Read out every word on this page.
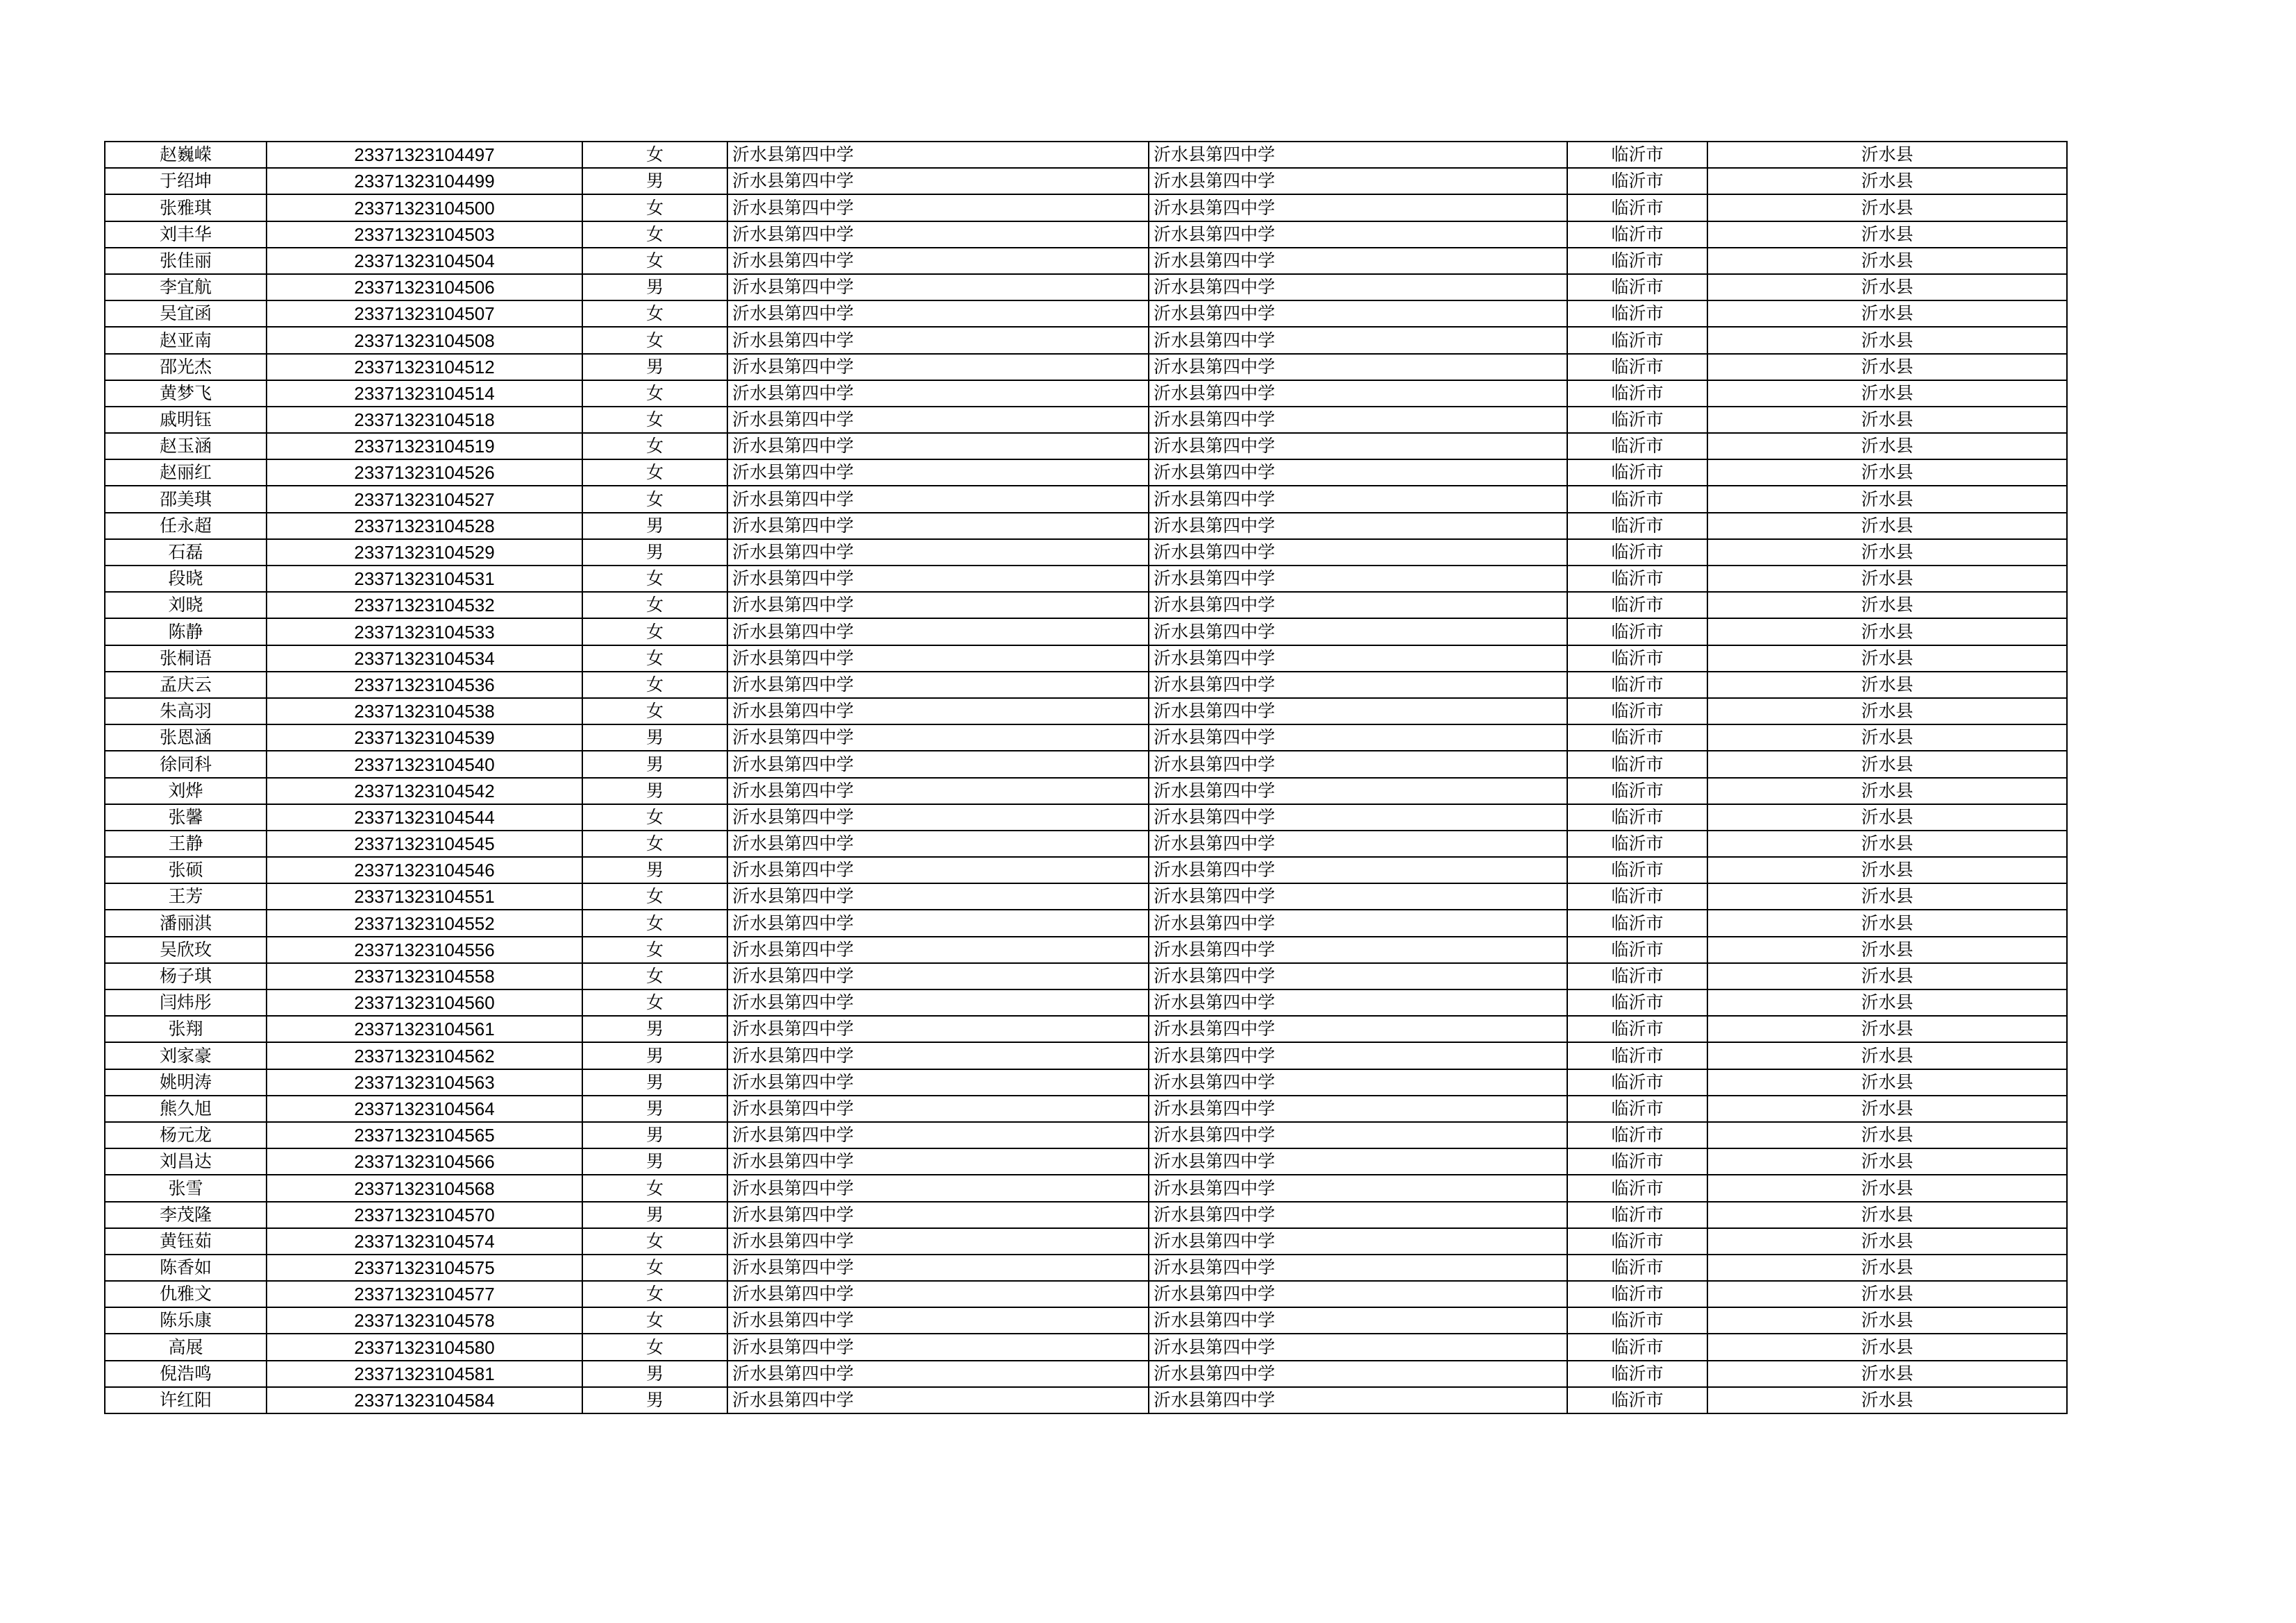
赵巍嵘	23371323104497	女	沂水县第四中学	沂水县第四中学	临沂市	沂水县
于绍坤	23371323104499	男	沂水县第四中学	沂水县第四中学	临沂市	沂水县
张雅琪	23371323104500	女	沂水县第四中学	沂水县第四中学	临沂市	沂水县
刘丰华	23371323104503	女	沂水县第四中学	沂水县第四中学	临沂市	沂水县
张佳丽	23371323104504	女	沂水县第四中学	沂水县第四中学	临沂市	沂水县
李宜航	23371323104506	男	沂水县第四中学	沂水县第四中学	临沂市	沂水县
吴宜函	23371323104507	女	沂水县第四中学	沂水县第四中学	临沂市	沂水县
赵亚南	23371323104508	女	沂水县第四中学	沂水县第四中学	临沂市	沂水县
邵光杰	23371323104512	男	沂水县第四中学	沂水县第四中学	临沂市	沂水县
黄梦飞	23371323104514	女	沂水县第四中学	沂水县第四中学	临沂市	沂水县
戚明钰	23371323104518	女	沂水县第四中学	沂水县第四中学	临沂市	沂水县
赵玉涵	23371323104519	女	沂水县第四中学	沂水县第四中学	临沂市	沂水县
赵丽红	23371323104526	女	沂水县第四中学	沂水县第四中学	临沂市	沂水县
邵美琪	23371323104527	女	沂水县第四中学	沂水县第四中学	临沂市	沂水县
任永超	23371323104528	男	沂水县第四中学	沂水县第四中学	临沂市	沂水县
石磊	23371323104529	男	沂水县第四中学	沂水县第四中学	临沂市	沂水县
段晓	23371323104531	女	沂水县第四中学	沂水县第四中学	临沂市	沂水县
刘晓	23371323104532	女	沂水县第四中学	沂水县第四中学	临沂市	沂水县
陈静	23371323104533	女	沂水县第四中学	沂水县第四中学	临沂市	沂水县
张桐语	23371323104534	女	沂水县第四中学	沂水县第四中学	临沂市	沂水县
孟庆云	23371323104536	女	沂水县第四中学	沂水县第四中学	临沂市	沂水县
朱高羽	23371323104538	女	沂水县第四中学	沂水县第四中学	临沂市	沂水县
张恩涵	23371323104539	男	沂水县第四中学	沂水县第四中学	临沂市	沂水县
徐同科	23371323104540	男	沂水县第四中学	沂水县第四中学	临沂市	沂水县
刘烨	23371323104542	男	沂水县第四中学	沂水县第四中学	临沂市	沂水县
张馨	23371323104544	女	沂水县第四中学	沂水县第四中学	临沂市	沂水县
王静	23371323104545	女	沂水县第四中学	沂水县第四中学	临沂市	沂水县
张硕	23371323104546	男	沂水县第四中学	沂水县第四中学	临沂市	沂水县
王芳	23371323104551	女	沂水县第四中学	沂水县第四中学	临沂市	沂水县
潘丽淇	23371323104552	女	沂水县第四中学	沂水县第四中学	临沂市	沂水县
吴欣玫	23371323104556	女	沂水县第四中学	沂水县第四中学	临沂市	沂水县
杨子琪	23371323104558	女	沂水县第四中学	沂水县第四中学	临沂市	沂水县
闫炜彤	23371323104560	女	沂水县第四中学	沂水县第四中学	临沂市	沂水县
张翔	23371323104561	男	沂水县第四中学	沂水县第四中学	临沂市	沂水县
刘家豪	23371323104562	男	沂水县第四中学	沂水县第四中学	临沂市	沂水县
姚明涛	23371323104563	男	沂水县第四中学	沂水县第四中学	临沂市	沂水县
熊久旭	23371323104564	男	沂水县第四中学	沂水县第四中学	临沂市	沂水县
杨元龙	23371323104565	男	沂水县第四中学	沂水县第四中学	临沂市	沂水县
刘昌达	23371323104566	男	沂水县第四中学	沂水县第四中学	临沂市	沂水县
张雪	23371323104568	女	沂水县第四中学	沂水县第四中学	临沂市	沂水县
李茂隆	23371323104570	男	沂水县第四中学	沂水县第四中学	临沂市	沂水县
黄钰茹	23371323104574	女	沂水县第四中学	沂水县第四中学	临沂市	沂水县
陈香如	23371323104575	女	沂水县第四中学	沂水县第四中学	临沂市	沂水县
仇雅文	23371323104577	女	沂水县第四中学	沂水县第四中学	临沂市	沂水县
陈乐康	23371323104578	女	沂水县第四中学	沂水县第四中学	临沂市	沂水县
高展	23371323104580	女	沂水县第四中学	沂水县第四中学	临沂市	沂水县
倪浩鸣	23371323104581	男	沂水县第四中学	沂水县第四中学	临沂市	沂水县
许红阳	23371323104584	男	沂水县第四中学	沂水县第四中学	临沂市	沂水县
